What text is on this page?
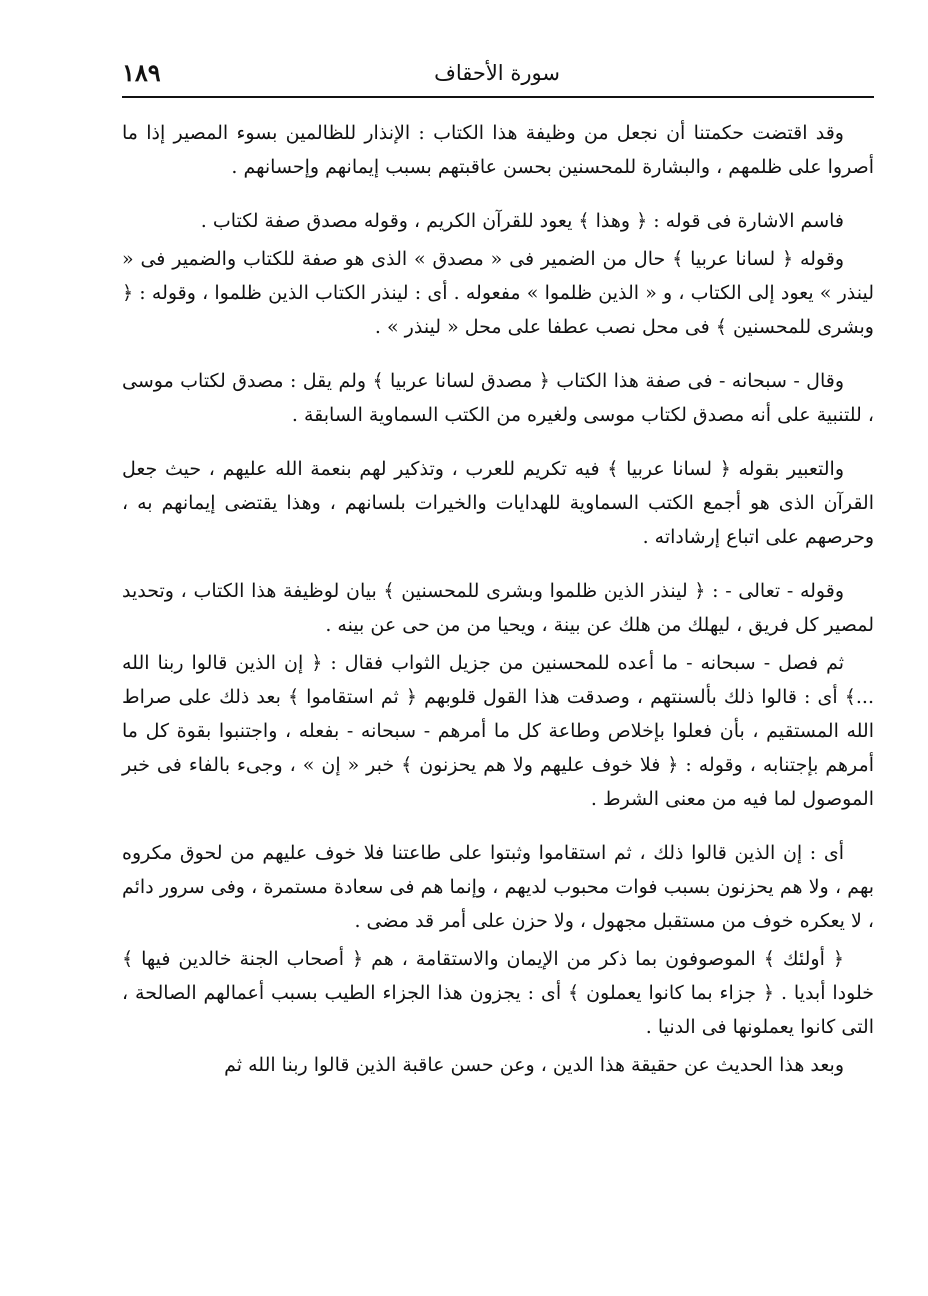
١٨٩	سورة الأحقاف

وقد اقتضت حكمتنا أن نجعل من وظيفة هذا الكتاب : الإنذار للظالمين بسوء المصير إذا ما أصروا على ظلمهم ، والبشارة للمحسنين بحسن عاقبتهم بسبب إيمانهم وإحسانهم .

فاسم الاشارة فى قوله : ﴿ وهذا ﴾ يعود للقرآن الكريم ، وقوله مصدق صفة لكتاب .

وقوله ﴿ لسانا عربيا ﴾ حال من الضمير فى « مصدق » الذى هو صفة للكتاب والضمير فى « لينذر » يعود إلى الكتاب ، و « الذين ظلموا » مفعوله . أى : لينذر الكتاب الذين ظلموا ، وقوله : ﴿ وبشرى للمحسنين ﴾ فى محل نصب عطفا على محل « لينذر » .

وقال - سبحانه - فى صفة هذا الكتاب ﴿ مصدق لسانا عربيا ﴾ ولم يقل : مصدق لكتاب موسى ، للتنبية على أنه مصدق لكتاب موسى ولغيره من الكتب السماوية السابقة .

والتعبير بقوله ﴿ لسانا عربيا ﴾ فيه تكريم للعرب ، وتذكير لهم بنعمة الله عليهم ، حيث جعل القرآن الذى هو أجمع الكتب السماوية للهدايات والخيرات بلسانهم ، وهذا يقتضى إيمانهم به ، وحرصهم على اتباع إرشاداته .

وقوله - تعالى - : ﴿ لينذر الذين ظلموا وبشرى للمحسنين ﴾ بيان لوظيفة هذا الكتاب ، وتحديد لمصير كل فريق ، ليهلك من هلك عن بينة ، ويحيا من من حى عن بينه .

ثم فصل - سبحانه - ما أعده للمحسنين من جزيل الثواب فقال : ﴿ إن الذين قالوا ربنا الله ...﴾ أى : قالوا ذلك بألسنتهم ، وصدقت هذا القول قلوبهم ﴿ ثم استقاموا ﴾ بعد ذلك على صراط الله المستقيم ، بأن فعلوا بإخلاص وطاعة كل ما أمرهم - سبحانه - بفعله ، واجتنبوا بقوة كل ما أمرهم بإجتنابه ، وقوله : ﴿ فلا خوف عليهم ولا هم يحزنون ﴾ خبر « إن » ، وجىء بالفاء فى خبر الموصول لما فيه من معنى الشرط .

أى : إن الذين قالوا ذلك ، ثم استقاموا وثبتوا على طاعتنا فلا خوف عليهم من لحوق مكروه بهم ، ولا هم يحزنون بسبب فوات محبوب لديهم ، وإنما هم فى سعادة مستمرة ، وفى سرور دائم ، لا يعكره خوف من مستقبل مجهول ، ولا حزن على أمر قد مضى .

﴿ أولئك ﴾ الموصوفون بما ذكر من الإيمان والاستقامة ، هم ﴿ أصحاب الجنة خالدين فيها ﴾ خلودا أبديا . ﴿ جزاء بما كانوا يعملون ﴾ أى : يجزون هذا الجزاء الطيب بسبب أعمالهم الصالحة ، التى كانوا يعملونها فى الدنيا .

وبعد هذا الحديث عن حقيقة هذا الدين ، وعن حسن عاقبة الذين قالوا ربنا الله ثم
